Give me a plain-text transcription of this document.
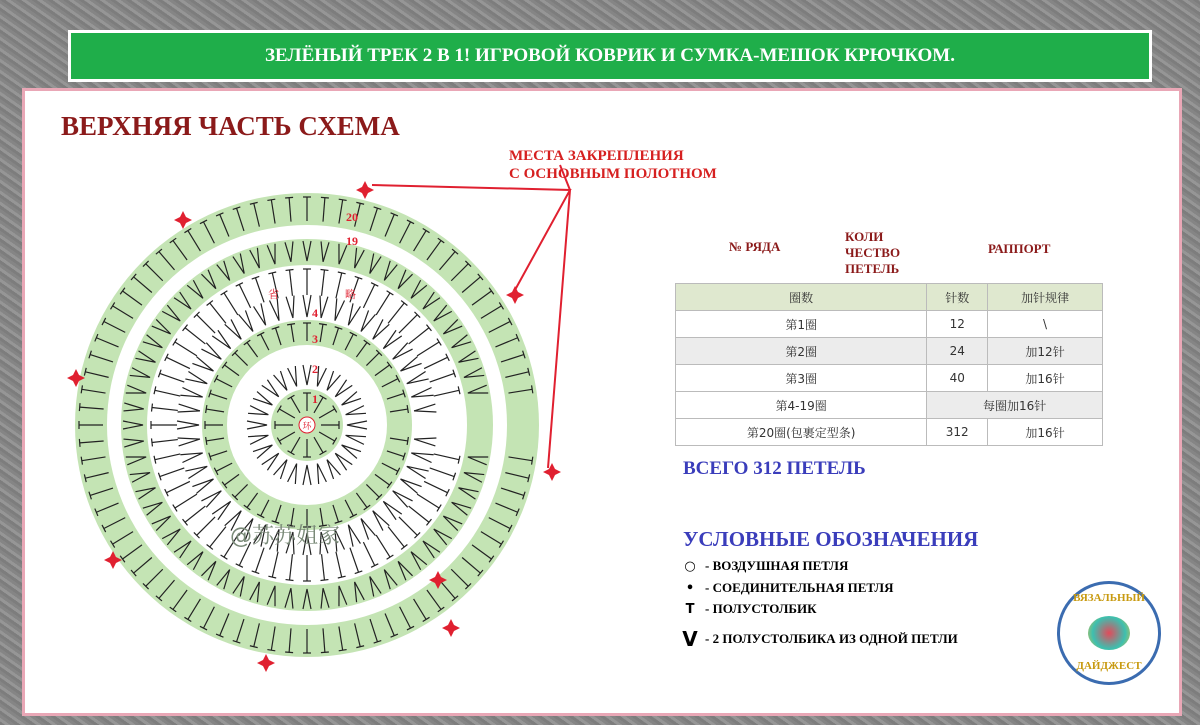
ЗЕЛЁНЫЙ ТРЕК 2 В 1! ИГРОВОЙ КОВРИК И СУМКА-МЕШОК КРЮЧКОМ.
ВЕРХНЯЯ ЧАСТЬ СХЕМА
МЕСТА ЗАКРЕПЛЕНИЯ
С ОСНОВНЫМ ПОЛОТНОМ
№ РЯДА
КОЛИ ЧЕСТВО ПЕТЕЛЬ
РАППОРТ
圈数	针数	加针规律
第1圈	12	\
第2圈	24	加12针
第3圈	40	加16针
第4-19圈	每圈加16针	
第20圈(包裹定型条)	312	加16针
ВСЕГО 312 ПЕТЕЛЬ
УСЛОВНЫЕ ОБОЗНАЧЕНИЯ
○ - ВОЗДУШНАЯ ПЕТЛЯ
• - СОЕДИНИТЕЛЬНАЯ ПЕТЛЯ
T - ПОЛУСТОЛБИК
V - 2 ПОЛУСТОЛБИКА ИЗ ОДНОЙ ПЕТЛИ
ВЯЗАЛЬНЫЙ
ДАЙДЖЕСТ
环
省	略
1
2
3
4
19
20
@苏苏姐家
